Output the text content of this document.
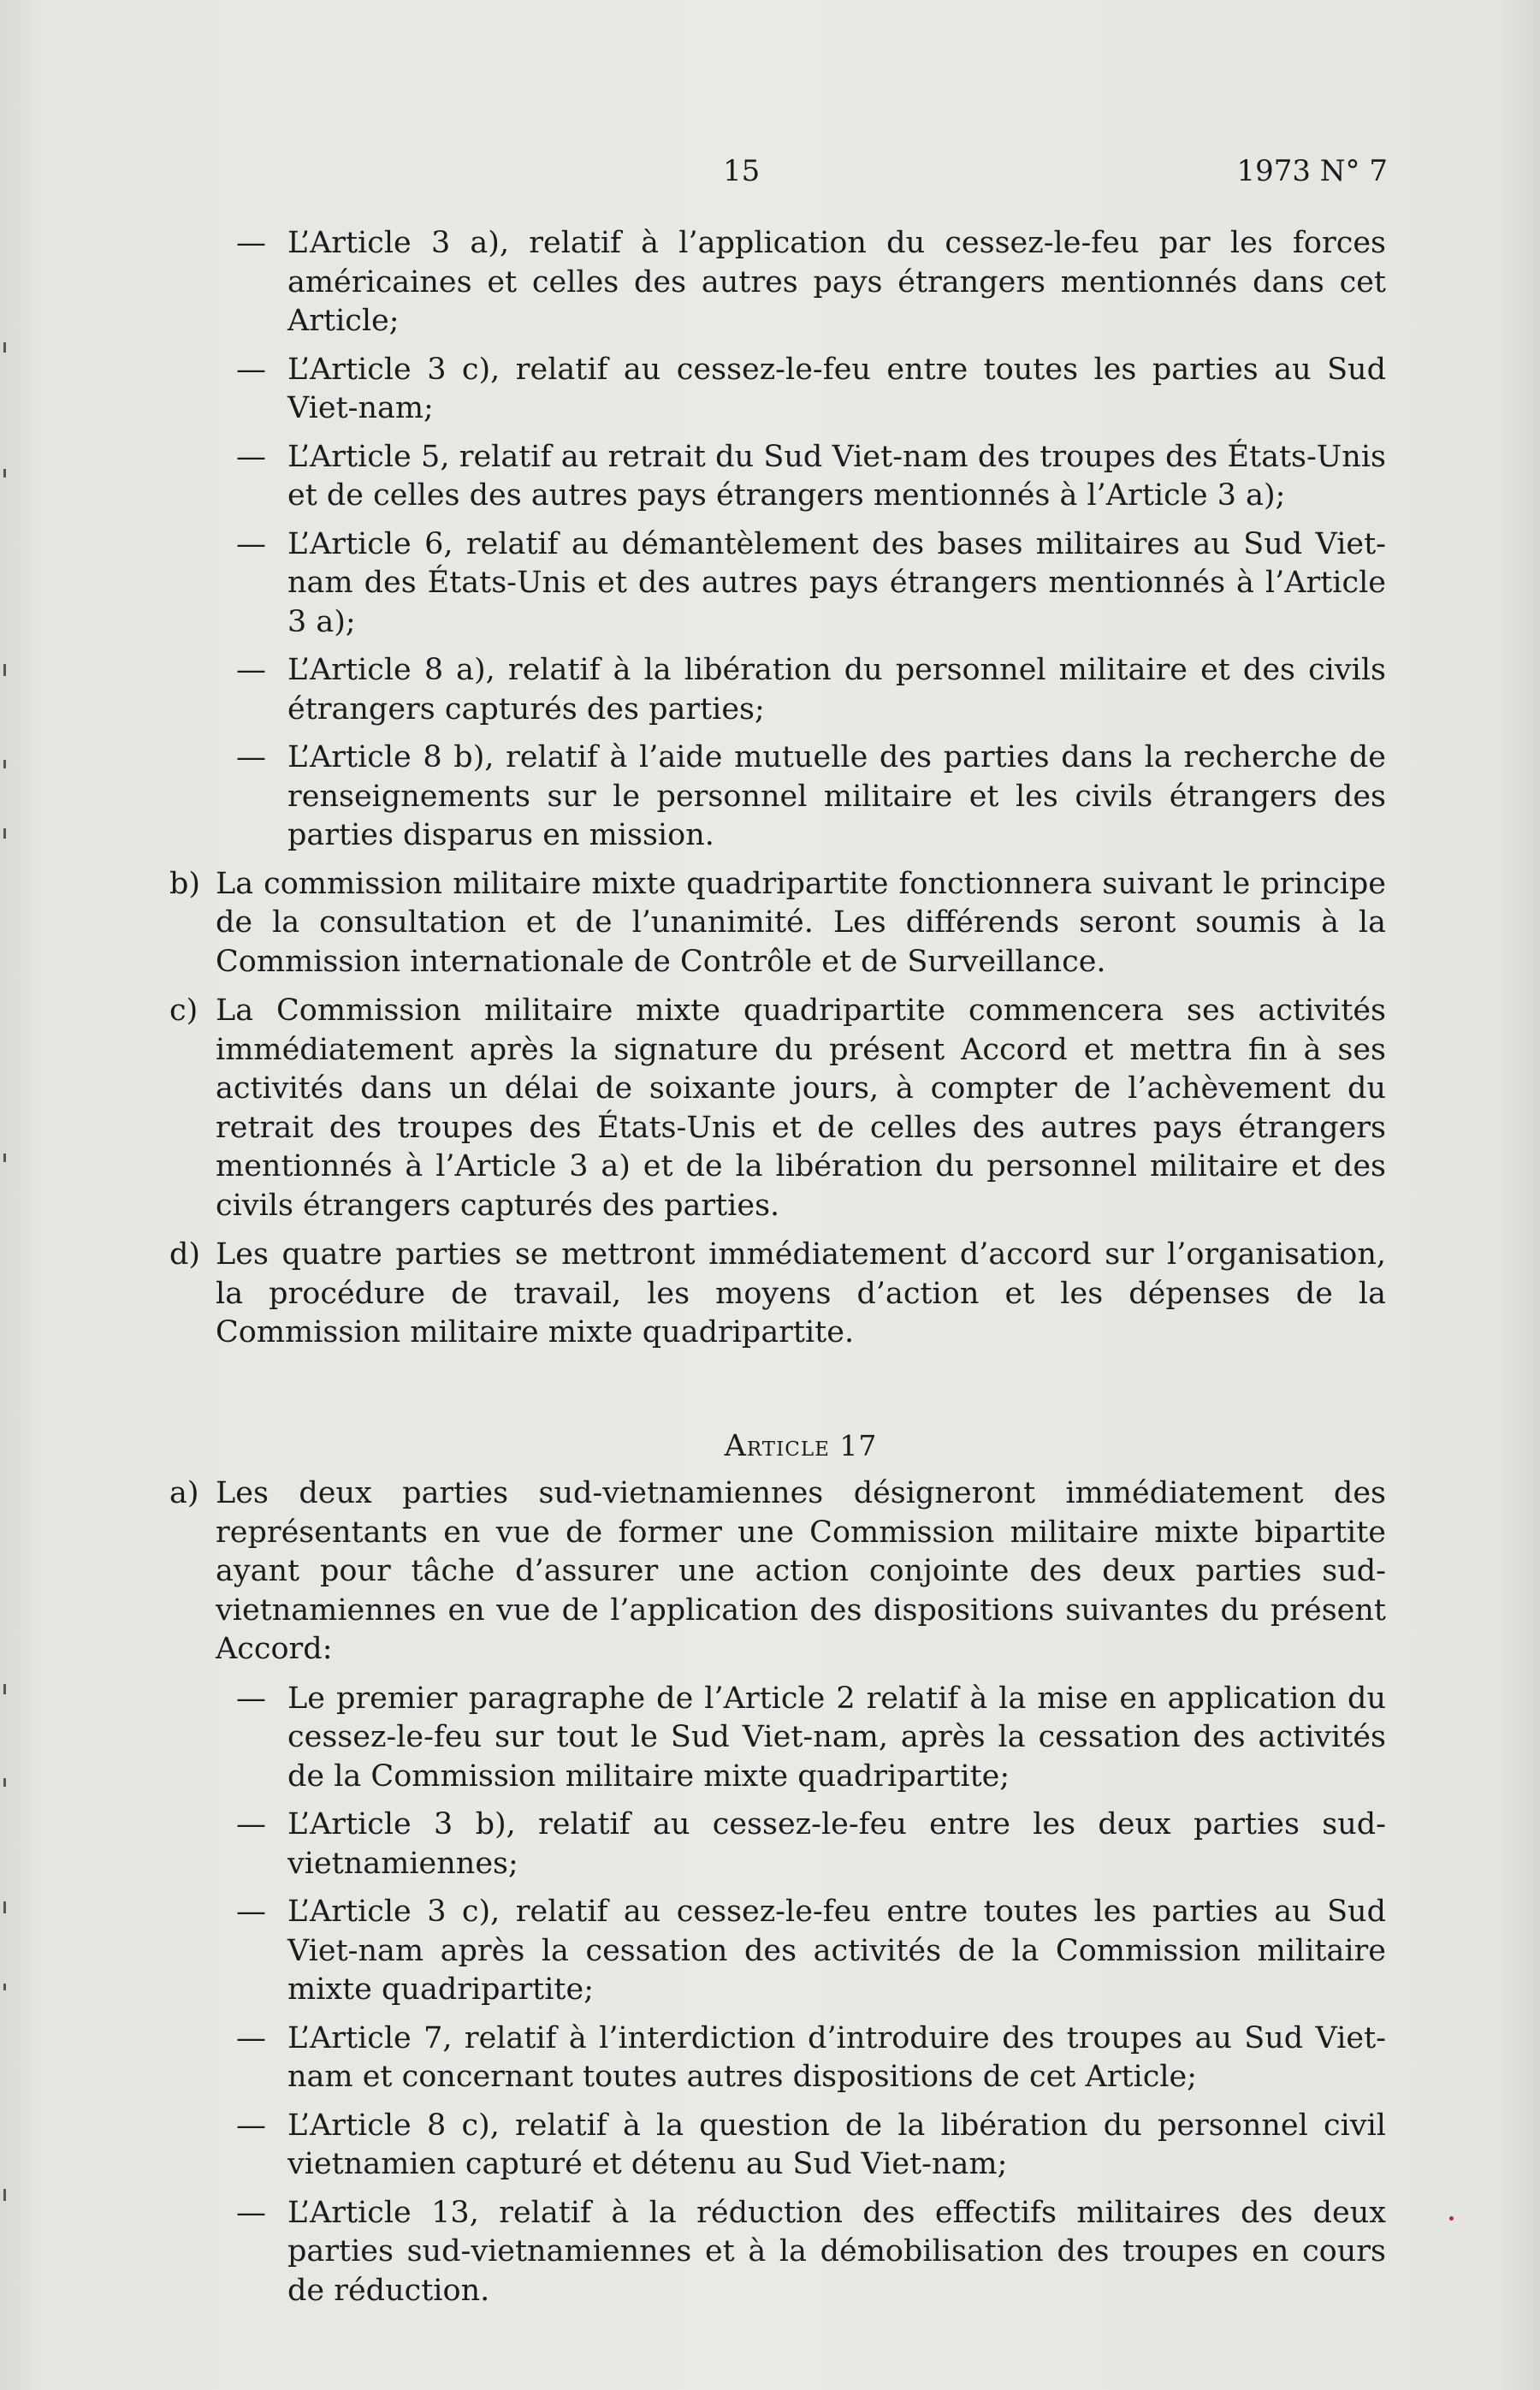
15	1973 N° 7
— L’Article 3 a), relatif à l’application du cessez-le-feu par les forces américaines et celles des autres pays étrangers mentionnés dans cet Article;
— L’Article 3 c), relatif au cessez-le-feu entre toutes les parties au Sud Viet-nam;
— L’Article 5, relatif au retrait du Sud Viet-nam des troupes des États-Unis et de celles des autres pays étrangers mentionnés à l’Article 3 a);
— L’Article 6, relatif au démantèlement des bases militaires au Sud Viet-nam des États-Unis et des autres pays étrangers mentionnés à l’Article 3 a);
— L’Article 8 a), relatif à la libération du personnel militaire et des civils étrangers capturés des parties;
— L’Article 8 b), relatif à l’aide mutuelle des parties dans la recherche de renseignements sur le personnel militaire et les civils étrangers des parties disparus en mission.
b) La commission militaire mixte quadripartite fonctionnera suivant le principe de la consultation et de l’unanimité. Les différends seront soumis à la Commission internationale de Contrôle et de Surveillance.
c) La Commission militaire mixte quadripartite commencera ses activités immédiatement après la signature du présent Accord et mettra fin à ses activités dans un délai de soixante jours, à compter de l’achèvement du retrait des troupes des États-Unis et de celles des autres pays étrangers mentionnés à l’Article 3 a) et de la libération du personnel militaire et des civils étrangers capturés des parties.
d) Les quatre parties se mettront immédiatement d’accord sur l’organisation, la procédure de travail, les moyens d’action et les dépenses de la Commission militaire mixte quadripartite.
Article 17
a) Les deux parties sud-vietnamiennes désigneront immédiatement des représentants en vue de former une Commission militaire mixte bipartite ayant pour tâche d’assurer une action conjointe des deux parties sud-vietnamiennes en vue de l’application des dispositions suivantes du présent Accord:
— Le premier paragraphe de l’Article 2 relatif à la mise en application du cessez-le-feu sur tout le Sud Viet-nam, après la cessation des activités de la Commission militaire mixte quadripartite;
— L’Article 3 b), relatif au cessez-le-feu entre les deux parties sud-vietnamiennes;
— L’Article 3 c), relatif au cessez-le-feu entre toutes les parties au Sud Viet-nam après la cessation des activités de la Commission militaire mixte quadripartite;
— L’Article 7, relatif à l’interdiction d’introduire des troupes au Sud Viet-nam et concernant toutes autres dispositions de cet Article;
— L’Article 8 c), relatif à la question de la libération du personnel civil vietnamien capturé et détenu au Sud Viet-nam;
— L’Article 13, relatif à la réduction des effectifs militaires des deux parties sud-vietnamiennes et à la démobilisation des troupes en cours de réduction.
